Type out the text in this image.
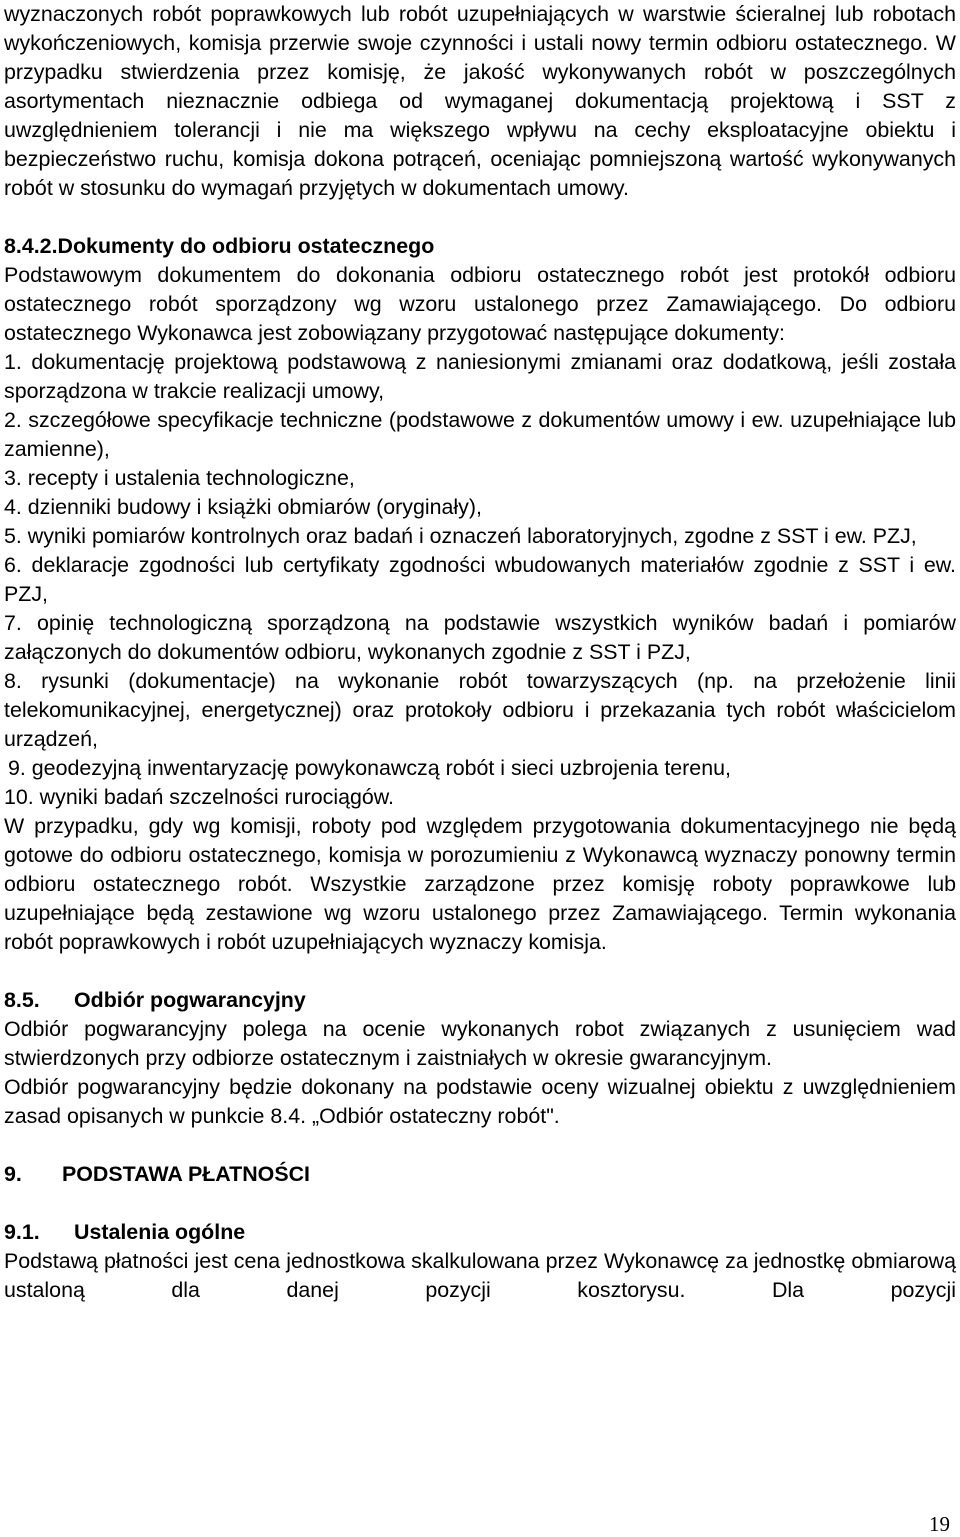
wyznaczonych robót poprawkowych lub robót uzupełniających w warstwie ścieralnej lub robotach wykończeniowych, komisja przerwie swoje czynności i ustali nowy termin odbioru ostatecznego. W przypadku stwierdzenia przez komisję, że jakość wykonywanych robót w poszczególnych asortymentach nieznacznie odbiega od wymaganej dokumentacją projektową i SST z uwzględnieniem tolerancji i nie ma większego wpływu na cechy eksploatacyjne obiektu i bezpieczeństwo ruchu, komisja dokona potrąceń, oceniając pomniejszoną wartość wykonywanych robót w stosunku do wymagań przyjętych w dokumentach umowy.

8.4.2.Dokumenty do odbioru ostatecznego

Podstawowym dokumentem do dokonania odbioru ostatecznego robót jest protokół odbioru ostatecznego robót sporządzony wg wzoru ustalonego przez Zamawiającego. Do odbioru ostatecznego Wykonawca jest zobowiązany przygotować następujące dokumenty:

1. dokumentację projektową podstawową z naniesionymi zmianami oraz dodatkową, jeśli została sporządzona w trakcie realizacji umowy,

2. szczegółowe specyfikacje techniczne (podstawowe z dokumentów umowy i ew. uzupełniające lub zamienne),

3. recepty i ustalenia technologiczne,

4. dzienniki budowy i książki obmiarów (oryginały),

5. wyniki pomiarów kontrolnych oraz badań i oznaczeń laboratoryjnych, zgodne z SST i ew. PZJ,

6. deklaracje zgodności lub certyfikaty zgodności wbudowanych materiałów zgodnie z SST i ew. PZJ,

7. opinię technologiczną sporządzoną na podstawie wszystkich wyników badań i pomiarów załączonych do dokumentów odbioru, wykonanych zgodnie z SST i PZJ,

8. rysunki (dokumentacje) na wykonanie robót towarzyszących (np. na przełożenie linii telekomunikacyjnej, energetycznej) oraz protokoły odbioru i przekazania tych robót właścicielom urządzeń,

9. geodezyjną inwentaryzację powykonawczą robót i sieci uzbrojenia terenu,

10. wyniki badań szczelności rurociągów.

W przypadku, gdy wg komisji, roboty pod względem przygotowania dokumentacyjnego nie będą gotowe do odbioru ostatecznego, komisja w porozumieniu z Wykonawcą wyznaczy ponowny termin odbioru ostatecznego robót. Wszystkie zarządzone przez komisję roboty poprawkowe lub uzupełniające będą zestawione wg wzoru ustalonego przez Zamawiającego. Termin wykonania robót poprawkowych i robót uzupełniających wyznaczy komisja.

8.5. Odbiór pogwarancyjny

Odbiór pogwarancyjny polega na ocenie wykonanych robot związanych z usunięciem wad stwierdzonych przy odbiorze ostatecznym i zaistniałych w okresie gwarancyjnym.

Odbiór pogwarancyjny będzie dokonany na podstawie oceny wizualnej obiektu z uwzględnieniem zasad opisanych w punkcie 8.4. „Odbiór ostateczny robót".

9. PODSTAWA PŁATNOŚCI

9.1. Ustalenia ogólne

Podstawą płatności jest cena jednostkowa skalkulowana przez Wykonawcę za jednostkę obmiarową ustaloną dla danej pozycji kosztorysu. Dla pozycji

19
